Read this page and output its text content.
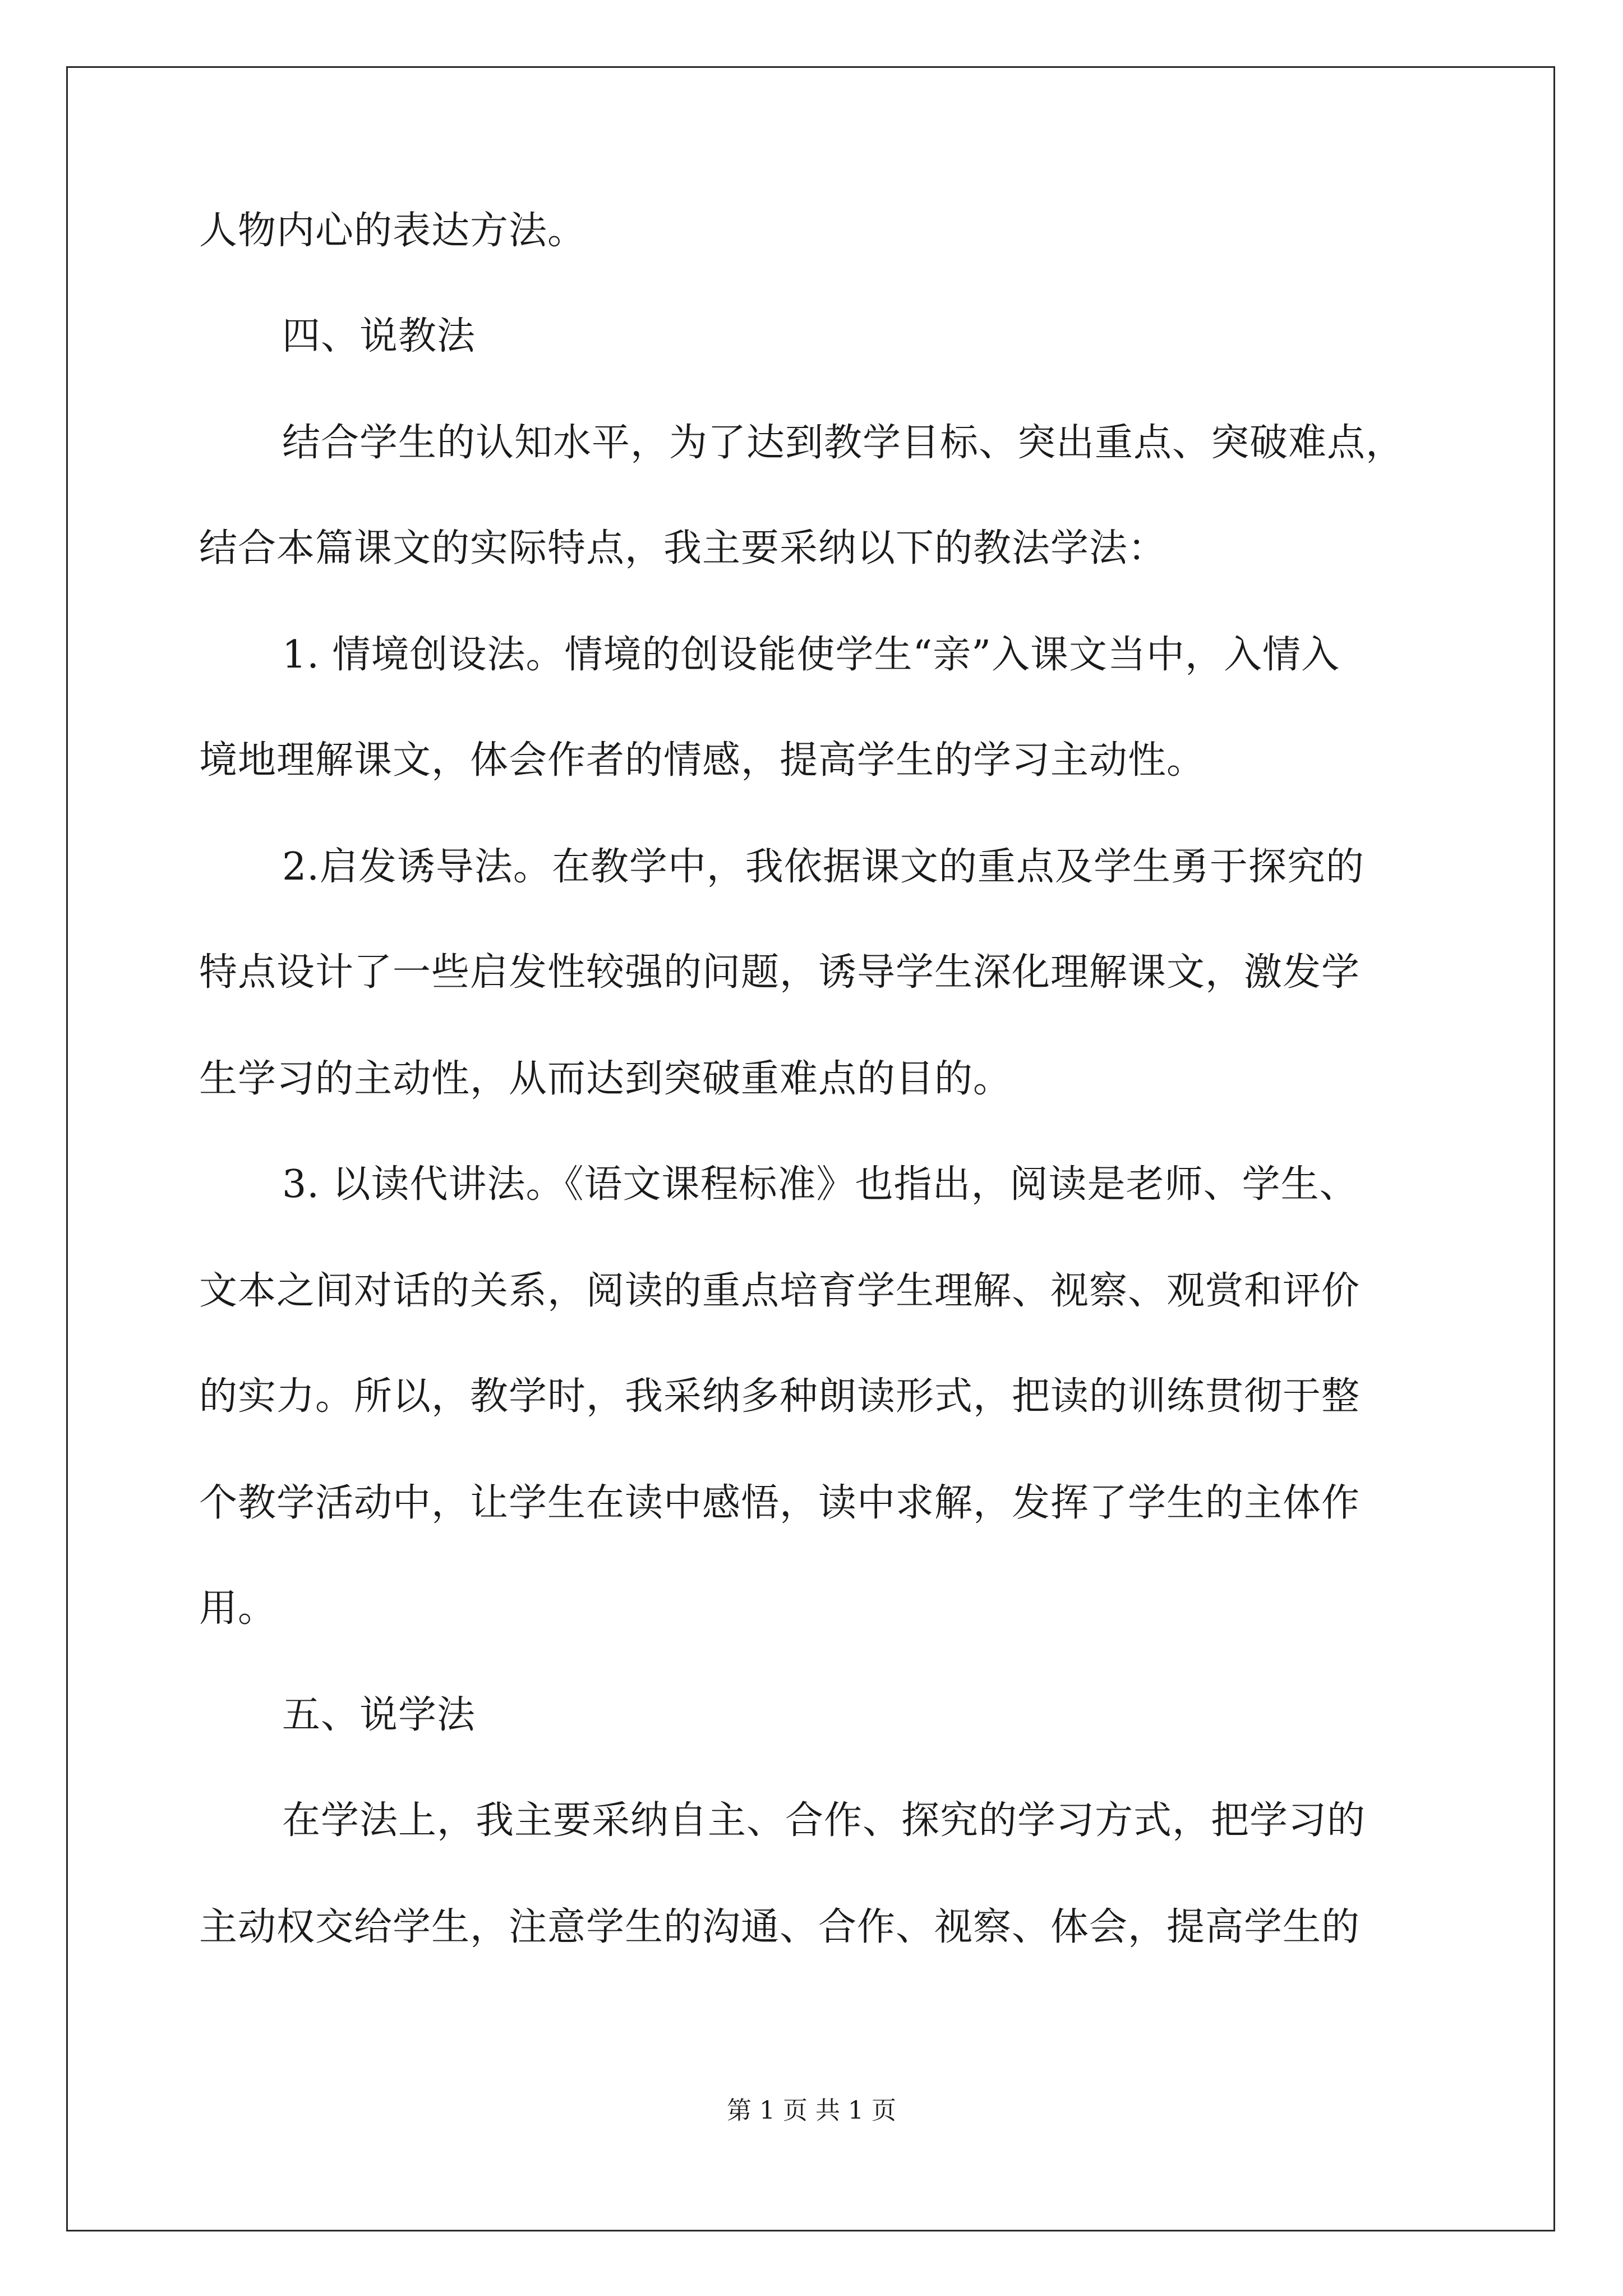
人物内心的表达方法。
四、说教法
结合学生的认知水平，为了达到教学目标、突出重点、突破难点，
结合本篇课文的实际特点，我主要采纳以下的教法学法：
1. 情境创设法。情境的创设能使学生“亲”入课文当中，入情入
境地理解课文，体会作者的情感，提高学生的学习主动性。
2.启发诱导法。在教学中，我依据课文的重点及学生勇于探究的
特点设计了一些启发性较强的问题，诱导学生深化理解课文，激发学
生学习的主动性，从而达到突破重难点的目的。
3. 以读代讲法。《语文课程标准》也指出，阅读是老师、学生、
文本之间对话的关系，阅读的重点培育学生理解、视察、观赏和评价
的实力。所以，教学时，我采纳多种朗读形式，把读的训练贯彻于整
个教学活动中，让学生在读中感悟，读中求解，发挥了学生的主体作
用。
五、说学法
在学法上，我主要采纳自主、合作、探究的学习方式，把学习的
主动权交给学生，注意学生的沟通、合作、视察、体会，提高学生的
第 1 页 共 1 页
